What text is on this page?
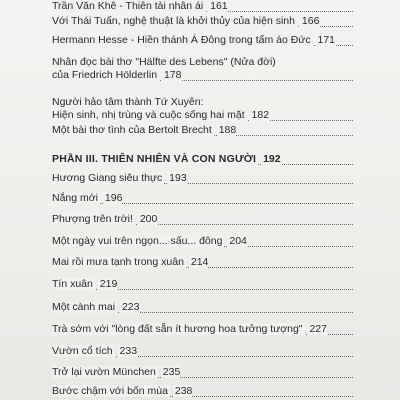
Trần Văn Khê - Thiên tài nhân ái 161
Với Thái Tuấn, nghệ thuật là khởi thủy của hiện sinh 166
Hermann Hesse - Hiền thánh Á Đông trong tấm áo Đức 171
Nhân đọc bài thơ "Hälfte des Lebens" (Nửa đời)
của Friedrich Hölderlin 178
Người hảo tâm thành Tứ Xuyên:
Hiện sinh, nhị trùng và cuộc sống hai mặt 182
Một bài thơ tình của Bertolt Brecht 188
PHẦN III. THIÊN NHIÊN VÀ CON NGƯỜI 192
Hương Giang siêu thực 193
Nắng mới 196
Phượng trên trời! 200
Một ngày vui trên ngọn... sấu... đông 204
Mai rồi mưa tạnh trong xuân 214
Tín xuân 219
Một cành mai 223
Trà sớm với "lòng đất sẵn ít hương hoa tưởng tượng" 227
Vườn cổ tích 233
Trở lại vườn München 235
Bước chậm với bốn mùa 238
